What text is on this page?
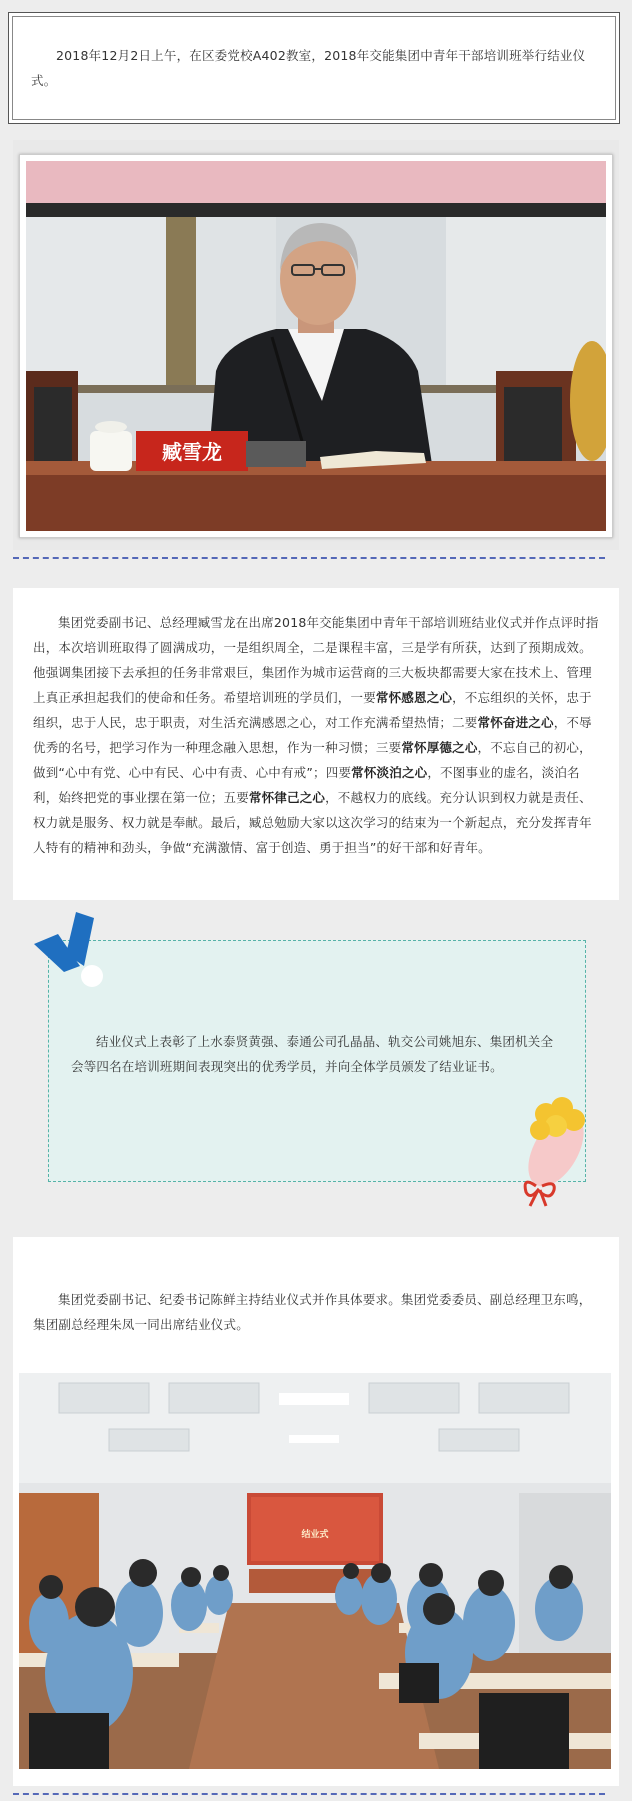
2018年12月2日上午，在区委党校A402教室，2018年交能集团中青年干部培训班举行结业仪式。

臧雪龙

集团党委副书记、总经理臧雪龙在出席2018年交能集团中青年干部培训班结业仪式并作点评时指出，本次培训班取得了圆满成功，一是组织周全，二是课程丰富，三是学有所获，达到了预期成效。他强调集团接下去承担的任务非常艰巨，集团作为城市运营商的三大板块都需要大家在技术上、管理上真正承担起我们的使命和任务。希望培训班的学员们，一要常怀感恩之心，不忘组织的关怀，忠于组织，忠于人民，忠于职责，对生活充满感恩之心，对工作充满希望热情；二要常怀奋进之心，不辱优秀的名号，把学习作为一种理念融入思想，作为一种习惯；三要常怀厚德之心，不忘自己的初心，做到“心中有党、心中有民、心中有责、心中有戒”；四要常怀淡泊之心，不图事业的虚名，淡泊名利，始终把党的事业摆在第一位；五要常怀律己之心，不越权力的底线。充分认识到权力就是责任、权力就是服务、权力就是奉献。最后，臧总勉励大家以这次学习的结束为一个新起点，充分发挥青年人特有的精神和劲头，争做“充满激情、富于创造、勇于担当”的好干部和好青年。

结业仪式上表彰了上水泰贤黄强、泰通公司孔晶晶、轨交公司姚旭东、集团机关全会等四名在培训班期间表现突出的优秀学员，并向全体学员颁发了结业证书。

集团党委副书记、纪委书记陈鲜主持结业仪式并作具体要求。集团党委委员、副总经理卫东鸣，集团副总经理朱凤一同出席结业仪式。

结业式
